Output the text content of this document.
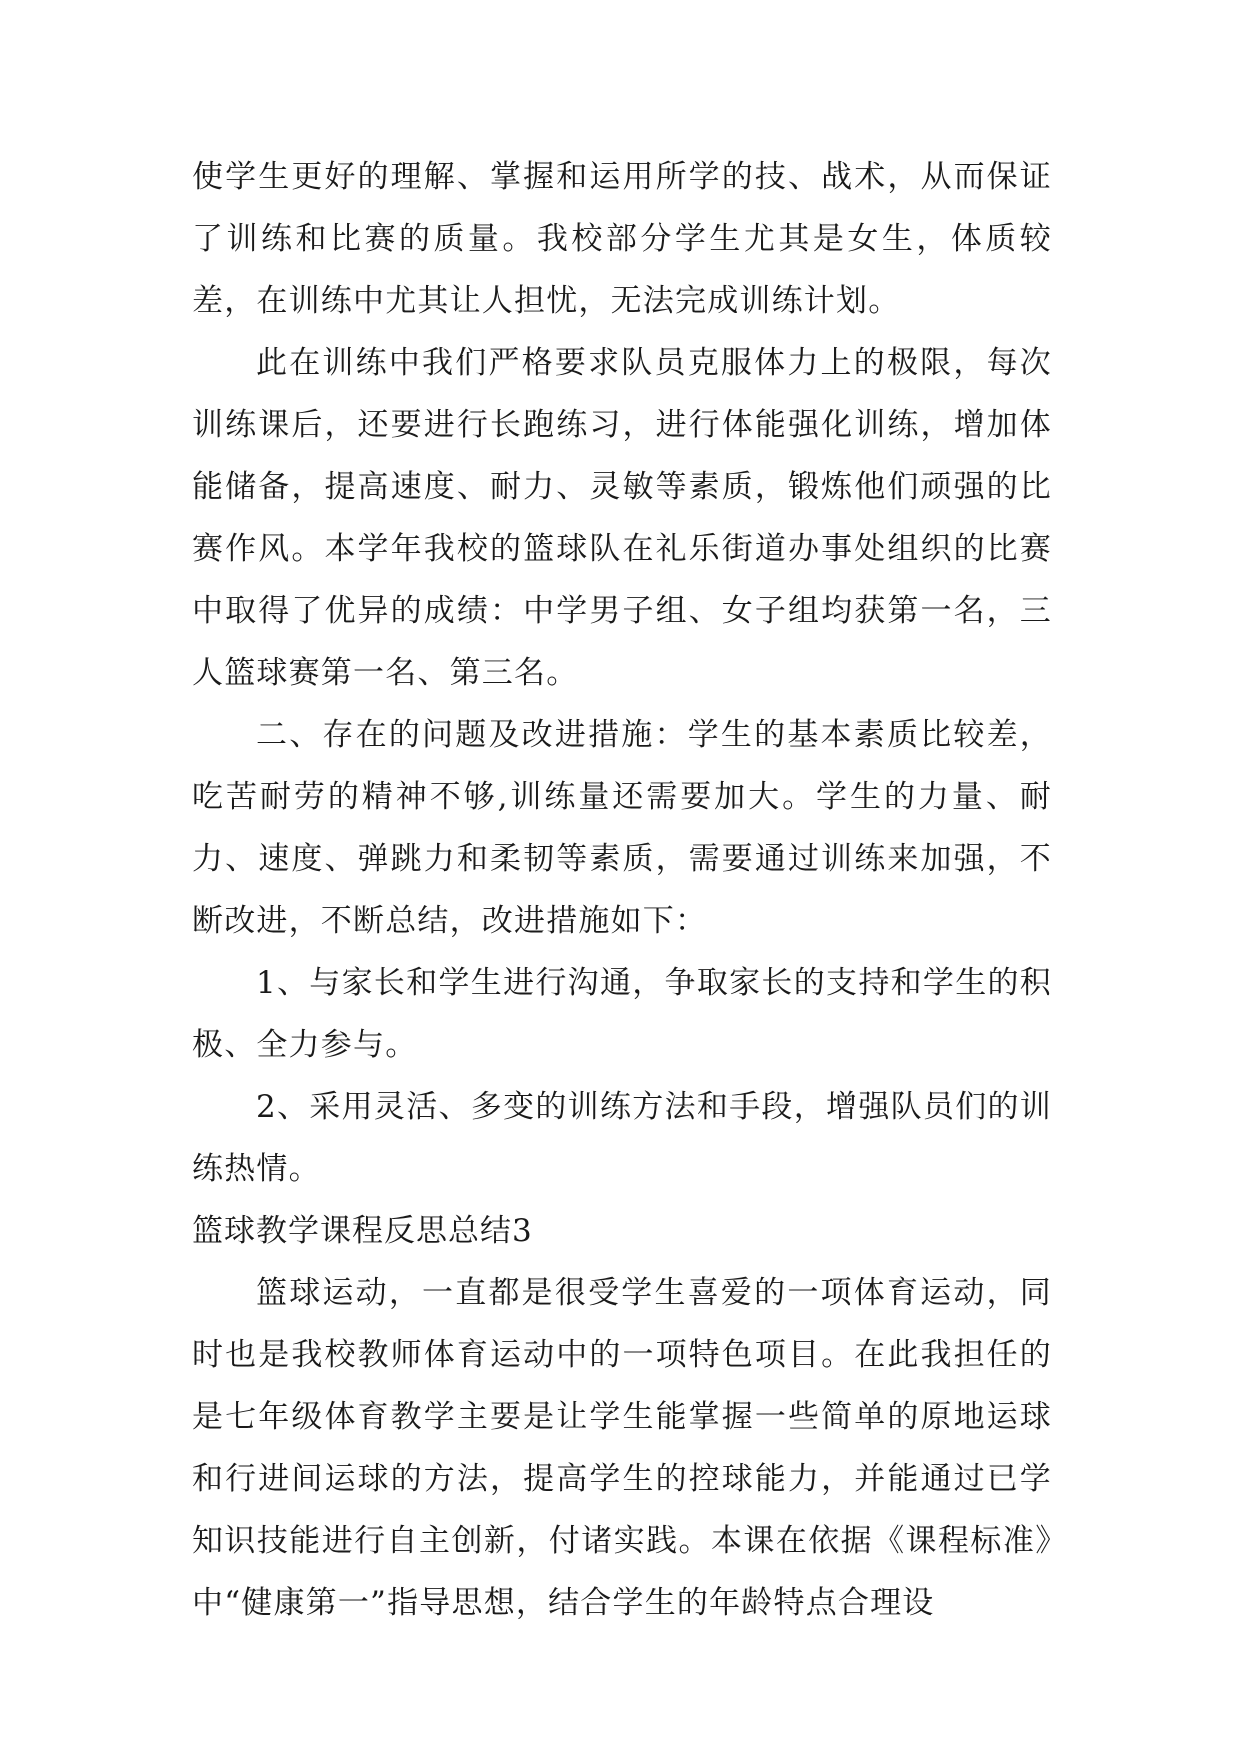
使学生更好的理解、掌握和运用所学的技、战术，从而保证了训练和比赛的质量。我校部分学生尤其是女生，体质较差，在训练中尤其让人担忧，无法完成训练计划。

此在训练中我们严格要求队员克服体力上的极限，每次训练课后，还要进行长跑练习，进行体能强化训练，增加体能储备，提高速度、耐力、灵敏等素质，锻炼他们顽强的比赛作风。本学年我校的篮球队在礼乐街道办事处组织的比赛中取得了优异的成绩：中学男子组、女子组均获第一名，三人篮球赛第一名、第三名。

二、存在的问题及改进措施：学生的基本素质比较差，吃苦耐劳的精神不够,训练量还需要加大。学生的力量、耐力、速度、弹跳力和柔韧等素质，需要通过训练来加强，不断改进，不断总结，改进措施如下：

1、与家长和学生进行沟通，争取家长的支持和学生的积极、全力参与。

2、采用灵活、多变的训练方法和手段，增强队员们的训练热情。

篮球教学课程反思总结3

篮球运动，一直都是很受学生喜爱的一项体育运动，同时也是我校教师体育运动中的一项特色项目。在此我担任的是七年级体育教学主要是让学生能掌握一些简单的原地运球和行进间运球的方法，提高学生的控球能力，并能通过已学知识技能进行自主创新，付诸实践。本课在依据《课程标准》中“健康第一”指导思想，结合学生的年龄特点合理设
